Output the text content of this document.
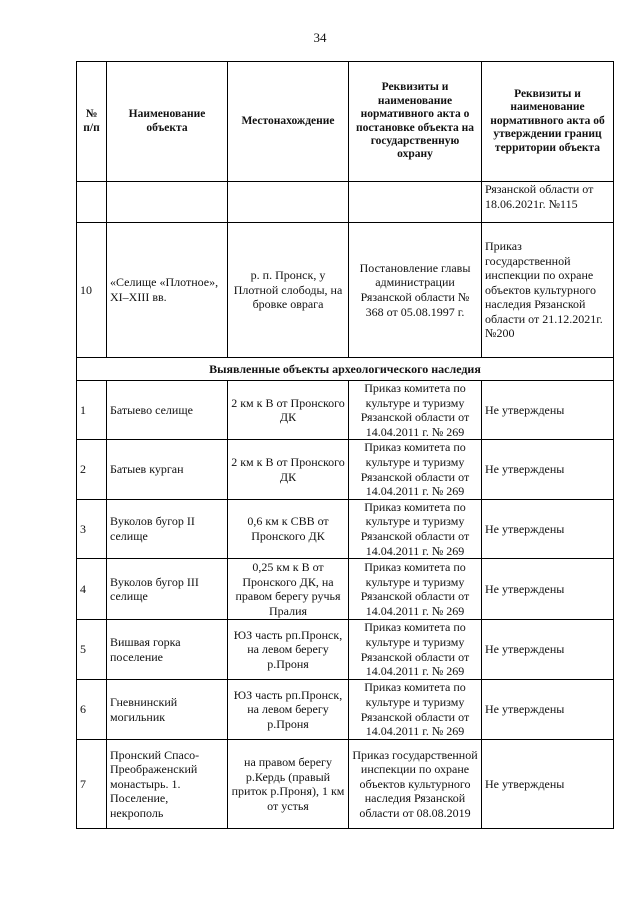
34
№ п/п	Наименование объекта	Местонахождение	Реквизиты и наименование нормативного акта о постановке объекта на государственную охрану	Реквизиты и наименование нормативного акта об утверждении границ территории объекта
				Рязанской области от 18.06.2021г. №115
10	«Селище «Плотное», XI–XIII вв.	р. п. Пронск, у Плотной слободы, на бровке оврага	Постановление главы администрации Рязанской области № 368 от 05.08.1997 г.	Приказ государственной инспекции по охране объектов культурного наследия Рязанской области от 21.12.2021г. №200
Выявленные объекты археологического наследия				
1	Батыево селище	2 км к В от Пронского ДК	Приказ комитета по культуре и туризму Рязанской области от 14.04.2011 г. № 269	Не утверждены
2	Батыев курган	2 км к В от Пронского ДК	Приказ комитета по культуре и туризму Рязанской области от 14.04.2011 г. № 269	Не утверждены
3	Вуколов бугор II селище	0,6 км к СВВ от Пронского ДК	Приказ комитета по культуре и туризму Рязанской области от 14.04.2011 г. № 269	Не утверждены
4	Вуколов бугор III селище	0,25 км к В от Пронского ДК, на правом берегу ручья Пралия	Приказ комитета по культуре и туризму Рязанской области от 14.04.2011 г. № 269	Не утверждены
5	Вишвая горка поселение	ЮЗ часть рп.Пронск, на левом берегу р.Проня	Приказ комитета по культуре и туризму Рязанской области от 14.04.2011 г. № 269	Не утверждены
6	Гневнинский могильник	ЮЗ часть рп.Пронск, на левом берегу р.Проня	Приказ комитета по культуре и туризму Рязанской области от 14.04.2011 г. № 269	Не утверждены
7	Пронский Спасо-Преображенский монастырь. 1. Поселение, некрополь	на правом берегу р.Кердь (правый приток р.Проня), 1 км от устья	Приказ государственной инспекции по охране объектов культурного наследия Рязанской области от 08.08.2019	Не утверждены
